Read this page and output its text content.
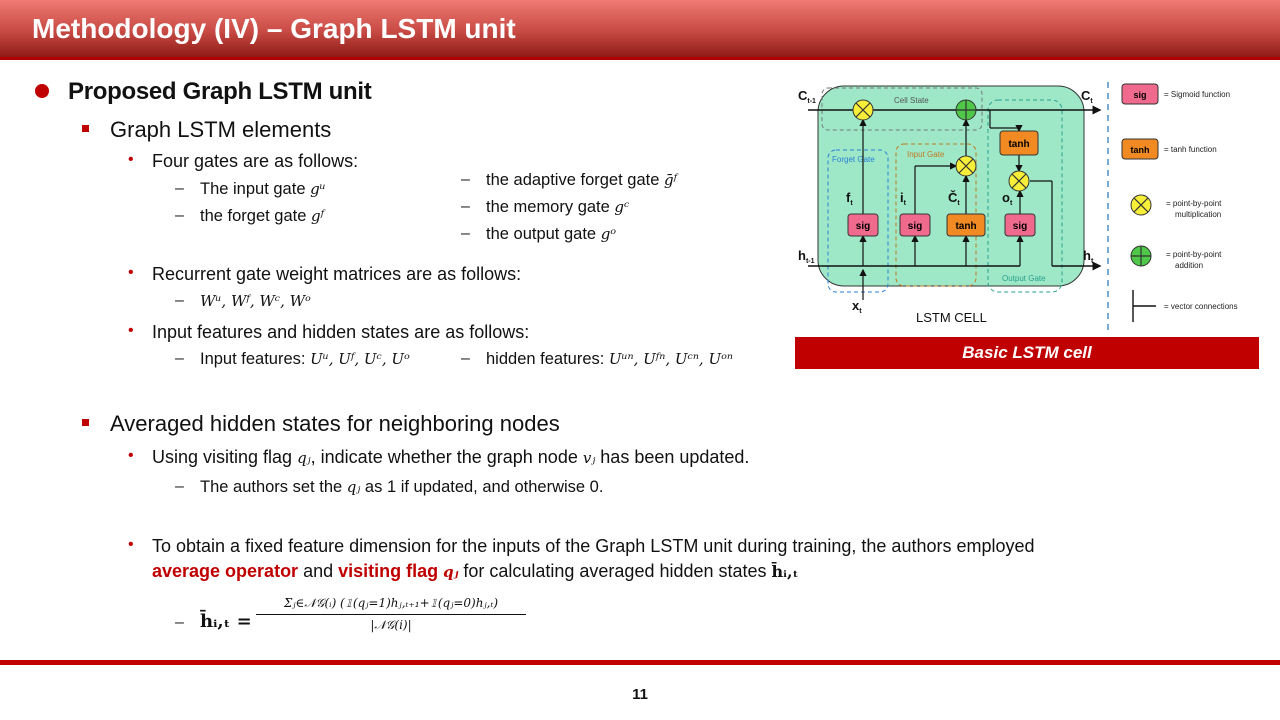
Methodology (IV) – Graph LSTM unit
Proposed Graph LSTM unit
Graph LSTM elements
• Four gates are as follows:
– The input gate gᵘ
– the forget gate gᶠ
– the adaptive forget gate ḡᶠ
– the memory gate gᶜ
– the output gate gᵒ
• Recurrent gate weight matrices are as follows:
– Wᵘ, Wᶠ, Wᶜ, Wᵒ
• Input features and hidden states are as follows:
– Input features: Uᵘ, Uᶠ, Uᶜ, Uᵒ	– hidden features: Uᵘⁿ, Uᶠⁿ, Uᶜⁿ, Uᵒⁿ
Averaged hidden states for neighboring nodes
• Using visiting flag qⱼ, indicate whether the graph node vⱼ has been updated.
– The authors set the qⱼ as 1 if updated, and otherwise 0.
• To obtain a fixed feature dimension for the inputs of the Graph LSTM unit during training, the authors employed
average operator and visiting flag qⱼ for calculating averaged hidden states h̄ᵢ,ₜ
– h̄ᵢ,ₜ =
Σⱼ∈𝒩𝒢(ᵢ) (𝟙(qⱼ=1)hⱼ,ₜ₊₁+𝟙(qⱼ=0)hⱼ,ₜ)
|𝒩𝒢(i)|
Cell State
Forget Gate
Input Gate
Output Gate
sig	sig	tanh	sig
tanh
$C_{t-1}$	$C_t$
$h_{t-1}$	$h_t$
$x_t$
$f_t$	$i_t$	$Č_t$	$o_t$
LSTM CELL
sig = Sigmoid function
tanh = tanh function
= point-by-point
multiplication
= point-by-point
addition
= vector connections
Basic LSTM cell
11
